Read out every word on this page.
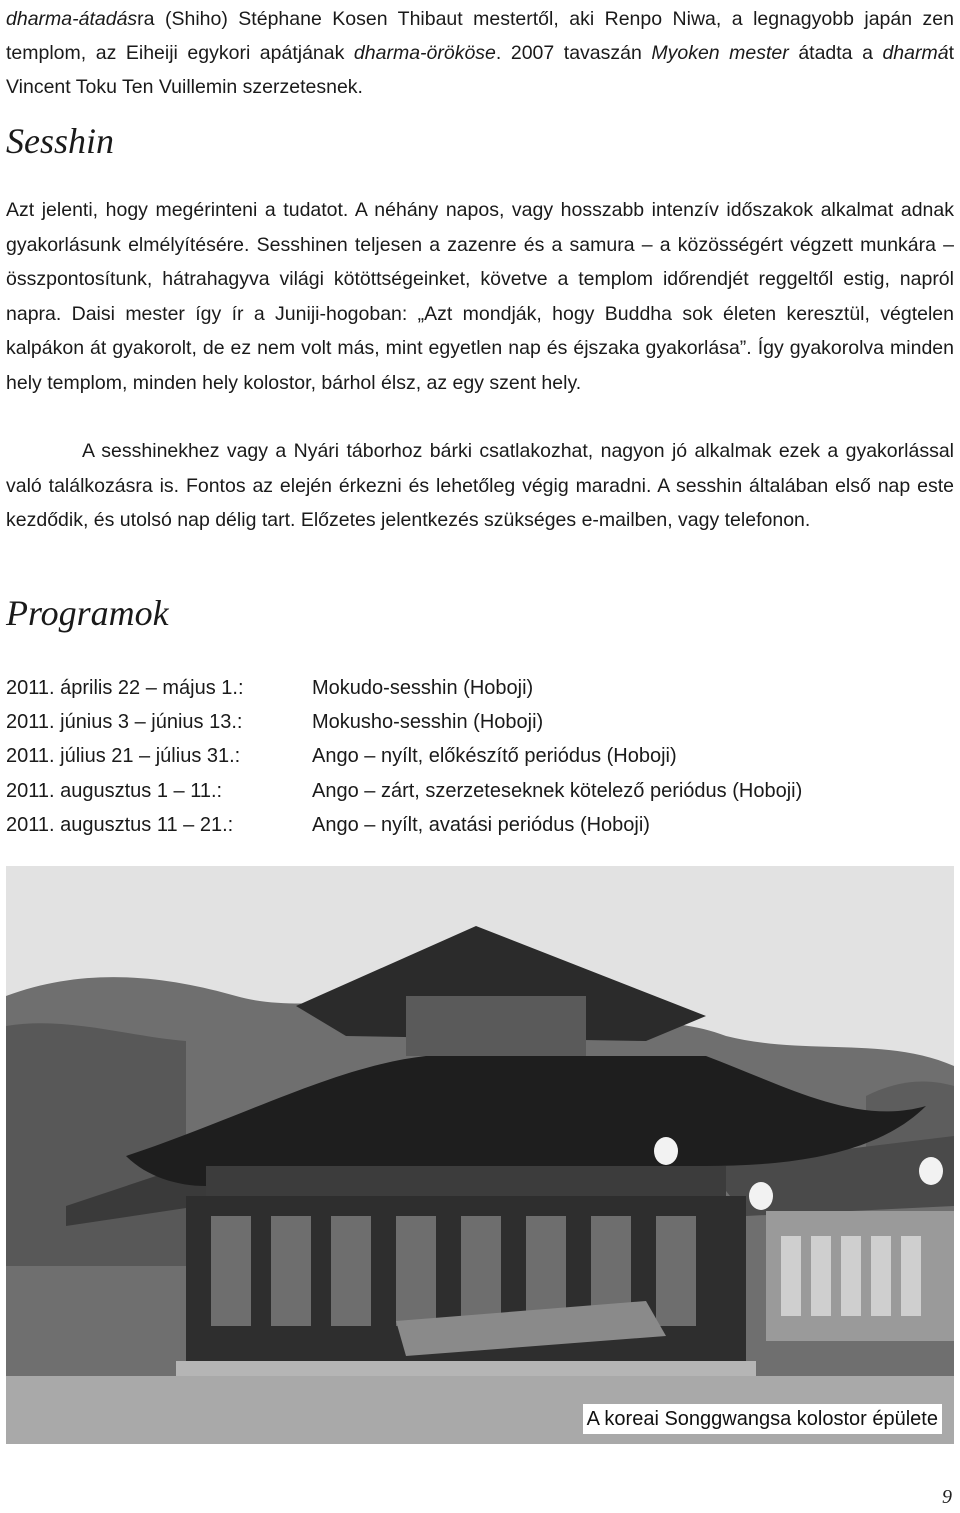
dharma-átadásra (Shiho) Stéphane Kosen Thibaut mestertől, aki Renpo Niwa, a legnagyobb japán zen templom, az Eiheiji egykori apátjának dharma-örököse. 2007 tavaszán Myoken mester átadta a dharmát Vincent Toku Ten Vuillemin szerzetesnek.

Sesshin

Azt jelenti, hogy megérinteni a tudatot. A néhány napos, vagy hosszabb intenzív időszakok alkalmat adnak gyakorlásunk elmélyítésére. Sesshinen teljesen a zazenre és a samura – a közösségért végzett munkára – összpontosítunk, hátrahagyva világi kötöttségeinket, követve a templom időrendjét reggeltől estig, napról napra. Daisi mester így ír a Juniji-hogoban: „Azt mondják, hogy Buddha sok életen keresztül, végtelen kalpákon át gyakorolt, de ez nem volt más, mint egyetlen nap és éjszaka gyakorlása”. Így gyakorolva minden hely templom, minden hely kolostor, bárhol élsz, az egy szent hely.

A sesshinekhez vagy a Nyári táborhoz bárki csatlakozhat, nagyon jó alkalmak ezek a gyakorlással való találkozásra is. Fontos az elején érkezni és lehetőleg végig maradni. A sesshin általában első nap este kezdődik, és utolsó nap délig tart. Előzetes jelentkezés szükséges e-mailben, vagy telefonon.

Programok
2011. április 22 – május 1.:	Mokudo-sesshin (Hoboji)
2011. június 3 – június 13.:	Mokusho-sesshin (Hoboji)
2011. július 21 – július 31.:	Ango – nyílt, előkészítő periódus (Hoboji)
2011. augusztus 1 – 11.:	Ango – zárt, szerzeteseknek kötelező periódus (Hoboji)
2011. augusztus 11 – 21.:	Ango – nyílt, avatási periódus (Hoboji)
A koreai Songgwangsa kolostor épülete
9
